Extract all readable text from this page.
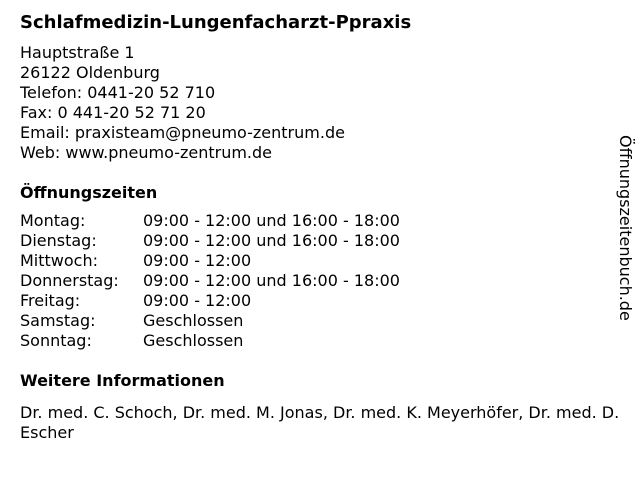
Schlafmedizin-Lungenfacharzt-Ppraxis
Hauptstraße 1
26122 Oldenburg
Telefon: 0441-20 52 710
Fax: 0 441-20 52 71 20
Email: praxisteam@pneumo-zentrum.de
Web: www.pneumo-zentrum.de
Öffnungszeiten
Montag:	09:00 - 12:00 und 16:00 - 18:00
Dienstag:	09:00 - 12:00 und 16:00 - 18:00
Mittwoch:	09:00 - 12:00
Donnerstag:	09:00 - 12:00 und 16:00 - 18:00
Freitag:	09:00 - 12:00
Samstag:	Geschlossen
Sonntag:	Geschlossen
Weitere Informationen
Dr. med. C. Schoch, Dr. med. M. Jonas, Dr. med. K. Meyerhöfer, Dr. med. D. Escher
Öffnungszeitenbuch.de
